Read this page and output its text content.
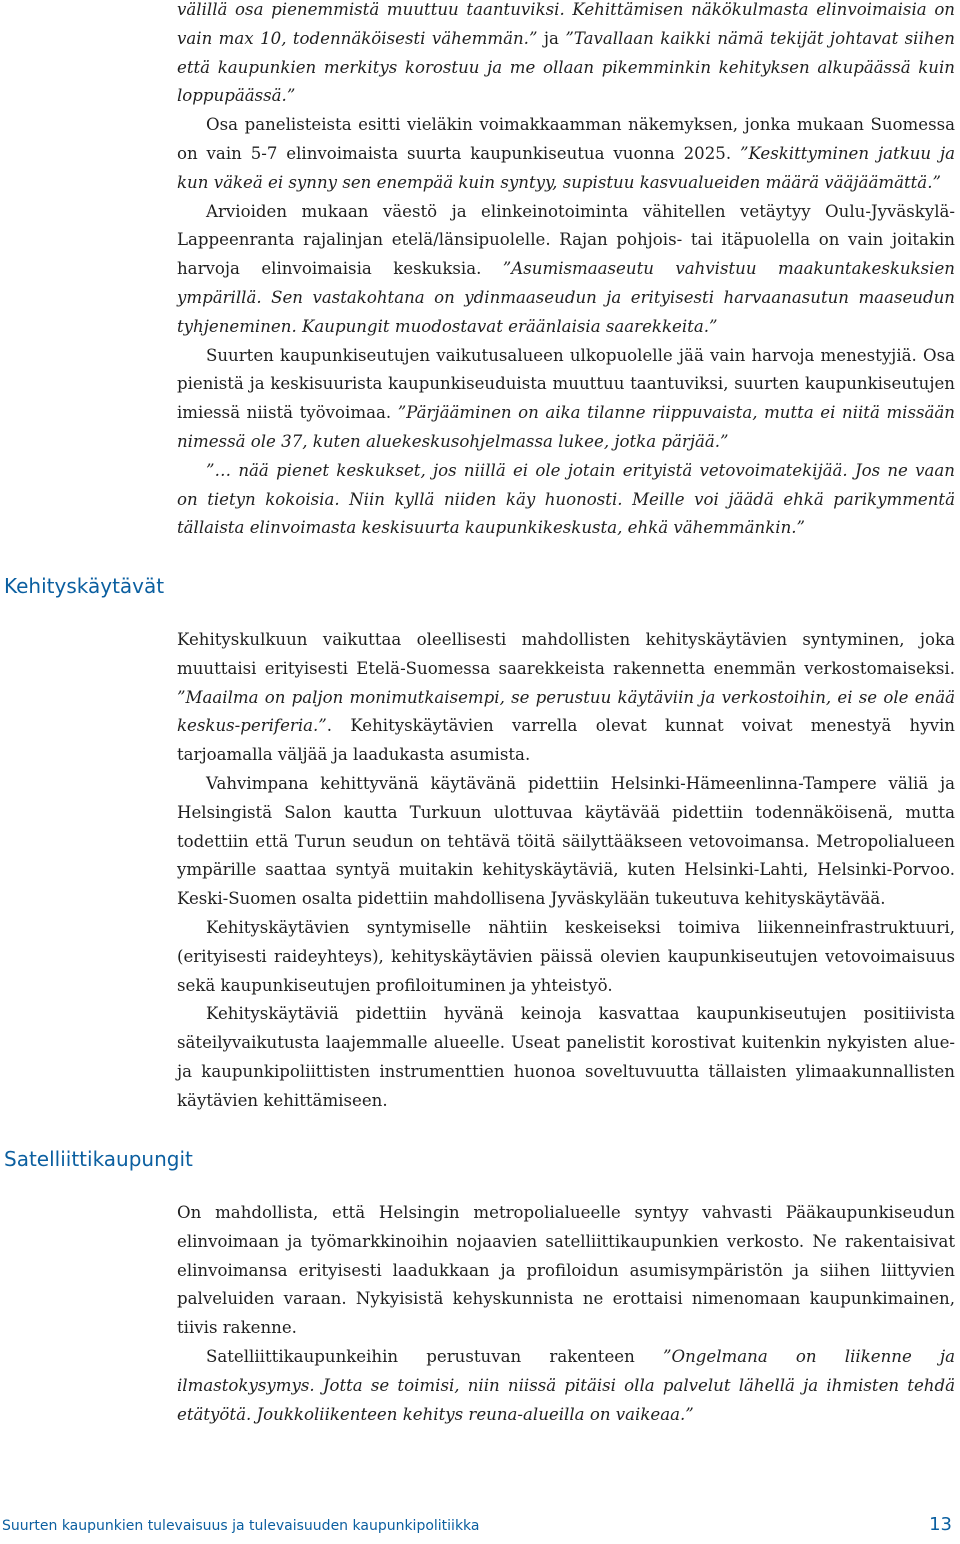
välillä osa pienemmistä muuttuu taantuviksi. Kehittämisen näkökulmasta elinvoimaisia on vain max 10, todennäköisesti vähemmän.” ja ”Tavallaan kaikki nämä tekijät johtavat siihen että kaupunkien merkitys korostuu ja me ollaan pikemminkin kehityksen alkupäässä kuin loppupäässä.”

Osa panelisteista esitti vieläkin voimakkaamman näkemyksen, jonka mukaan Suomessa on vain 5-7 elinvoimaista suurta kaupunkiseutua vuonna 2025. ”Keskittyminen jatkuu ja kun väkeä ei synny sen enempää kuin syntyy, supistuu kasvualueiden määrä vääjäämättä.”

Arvioiden mukaan väestö ja elinkeinotoiminta vähitellen vetäytyy Oulu-Jyväskylä-Lappeenranta rajalinjan etelä/länsipuolelle. Rajan pohjois- tai itäpuolella on vain joitakin harvoja elinvoimaisia keskuksia. ”Asumismaaseutu vahvistuu maakuntakeskuksien ympärillä. Sen vastakohtana on ydinmaaseudun ja erityisesti harvaanasutun maaseudun tyhjeneminen. Kaupungit muodostavat eräänlaisia saarekkeita.”

Suurten kaupunkiseutujen vaikutusalueen ulkopuolelle jää vain harvoja menestyjiä. Osa pienistä ja keskisuurista kaupunkiseuduista muuttuu taantuviksi, suurten kaupunkiseutujen imiessä niistä työvoimaa. ”Pärjääminen on aika tilanne riippuvaista, mutta ei niitä missään nimessä ole 37, kuten aluekeskusohjelmassa lukee, jotka pärjää.”

”… nää pienet keskukset, jos niillä ei ole jotain erityistä vetovoimatekijää. Jos ne vaan on tietyn kokoisia. Niin kyllä niiden käy huonosti. Meille voi jäädä ehkä parikymmentä tällaista elinvoimasta keskisuurta kaupunkikeskusta, ehkä vähemmänkin.”

Kehityskäytävät

Kehityskulkuun vaikuttaa oleellisesti mahdollisten kehityskäytävien syntyminen, joka muuttaisi erityisesti Etelä-Suomessa saarekkeista rakennetta enemmän verkostomaiseksi. ”Maailma on paljon monimutkaisempi, se perustuu käytäviin ja verkostoihin, ei se ole enää keskus-periferia.”. Kehityskäytävien varrella olevat kunnat voivat menestyä hyvin tarjoamalla väljää ja laadukasta asumista.

Vahvimpana kehittyvänä käytävänä pidettiin Helsinki-Hämeenlinna-Tampere väliä ja Helsingistä Salon kautta Turkuun ulottuvaa käytävää pidettiin todennäköisenä, mutta todettiin että Turun seudun on tehtävä töitä säilyttääkseen vetovoimansa. Metropolialueen ympärille saattaa syntyä muitakin kehityskäytäviä, kuten Helsinki-Lahti, Helsinki-Porvoo. Keski-Suomen osalta pidettiin mahdollisena Jyväskylään tukeutuva kehityskäytävää.

Kehityskäytävien syntymiselle nähtiin keskeiseksi toimiva liikenneinfrastruktuuri, (erityisesti raideyhteys), kehityskäytävien päissä olevien kaupunkiseutujen vetovoimaisuus sekä kaupunkiseutujen profiloituminen ja yhteistyö.

Kehityskäytäviä pidettiin hyvänä keinoja kasvattaa kaupunkiseutujen positiivista säteilyvaikutusta laajemmalle alueelle. Useat panelistit korostivat kuitenkin nykyisten alue- ja kaupunkipoliittisten instrumenttien huonoa soveltuvuutta tällaisten ylimaakunnallisten käytävien kehittämiseen.

Satelliittikaupungit

On mahdollista, että Helsingin metropolialueelle syntyy vahvasti Pääkaupunkiseudun elinvoimaan ja työmarkkinoihin nojaavien satelliittikaupunkien verkosto. Ne rakentaisivat elinvoimansa erityisesti laadukkaan ja profiloidun asumisympäristön ja siihen liittyvien palveluiden varaan. Nykyisistä kehyskunnista ne erottaisi nimenomaan kaupunkimainen, tiivis rakenne.

Satelliittikaupunkeihin perustuvan rakenteen ”Ongelmana on liikenne ja ilmastokysymys. Jotta se toimisi, niin niissä pitäisi olla palvelut lähellä ja ihmisten tehdä etätyötä. Joukkoliikenteen kehitys reuna-alueilla on vaikeaa.”

Suurten kaupunkien tulevaisuus ja tulevaisuuden kaupunkipolitiikka	13
